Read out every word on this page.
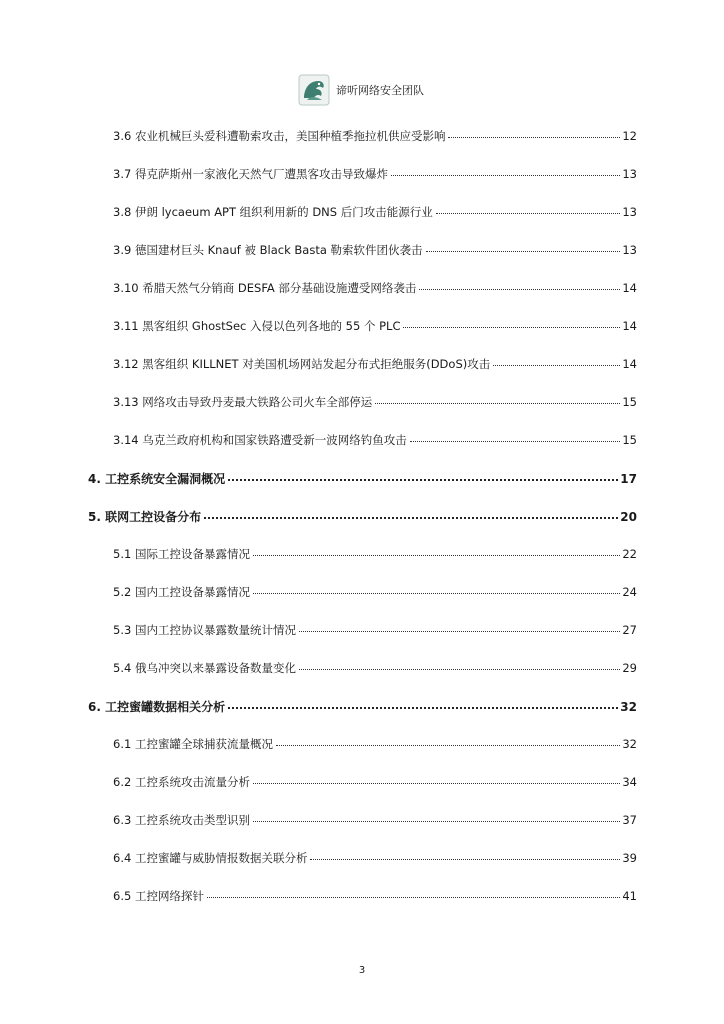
谛听网络安全团队
3.6 农业机械巨头爱科遭勒索攻击，美国种植季拖拉机供应受影响	12
3.7 得克萨斯州一家液化天然气厂遭黑客攻击导致爆炸	13
3.8 伊朗 lycaeum APT 组织利用新的 DNS 后门攻击能源行业	13
3.9 德国建材巨头 Knauf 被 Black Basta 勒索软件团伙袭击	13
3.10 希腊天然气分销商 DESFA 部分基础设施遭受网络袭击	14
3.11 黑客组织 GhostSec 入侵以色列各地的 55 个 PLC	14
3.12 黑客组织 KILLNET 对美国机场网站发起分布式拒绝服务(DDoS)攻击	14
3.13 网络攻击导致丹麦最大铁路公司火车全部停运	15
3.14 乌克兰政府机构和国家铁路遭受新一波网络钓鱼攻击	15
4. 工控系统安全漏洞概况	17
5. 联网工控设备分布	20
5.1 国际工控设备暴露情况	22
5.2 国内工控设备暴露情况	24
5.3 国内工控协议暴露数量统计情况	27
5.4 俄乌冲突以来暴露设备数量变化	29
6. 工控蜜罐数据相关分析	32
6.1 工控蜜罐全球捕获流量概况	32
6.2 工控系统攻击流量分析	34
6.3 工控系统攻击类型识别	37
6.4 工控蜜罐与威胁情报数据关联分析	39
6.5 工控网络探针	41
3
